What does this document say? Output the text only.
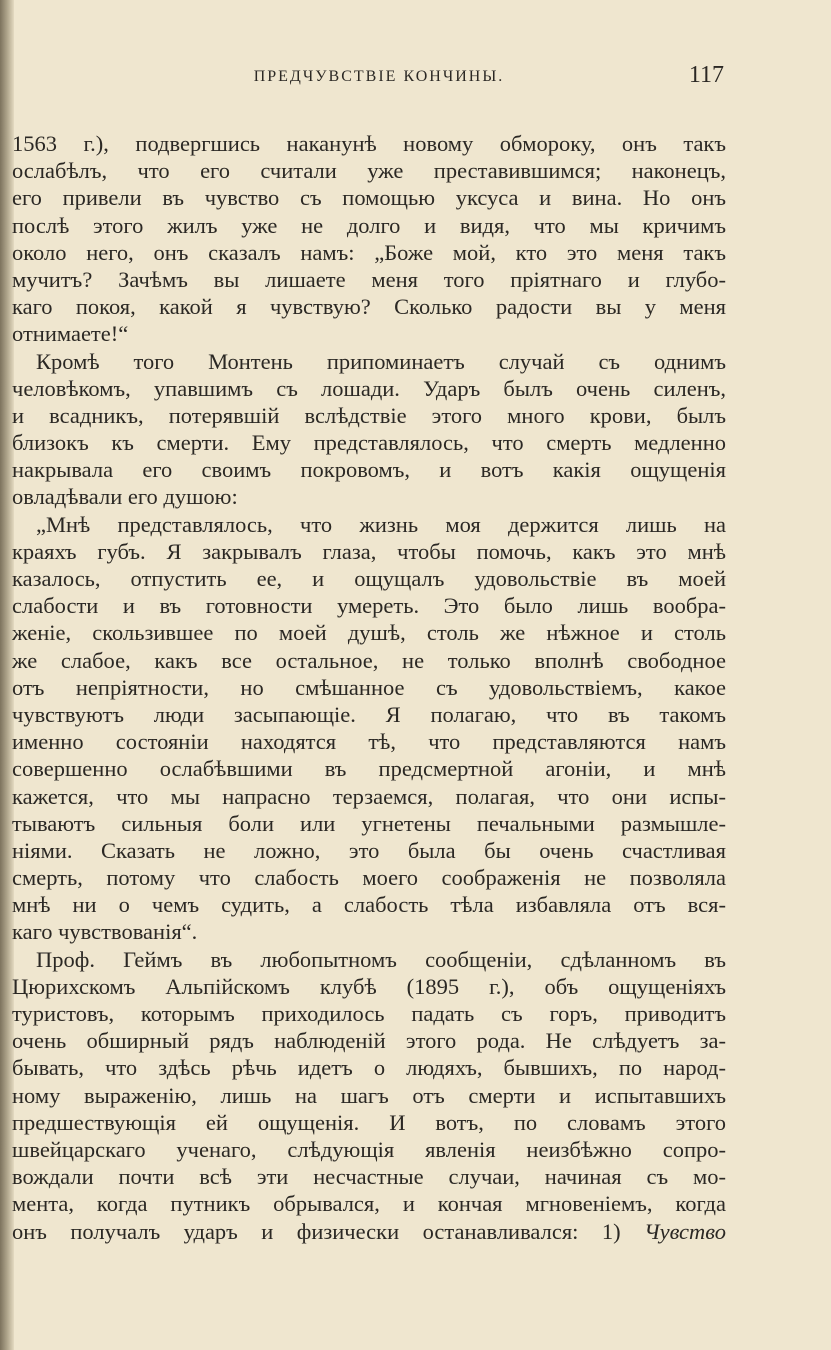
ПРЕДЧУВСТВІЕ КОНЧИНЫ.	117
1563 г.), подвергшись наканунѣ новому обмороку, онъ такъ
ослабѣлъ, что его считали уже преставившимся; наконецъ,
его привели въ чувство съ помощью уксуса и вина. Но онъ
послѣ этого жилъ уже не долго и видя, что мы кричимъ
около него, онъ сказалъ намъ: „Боже мой, кто это меня такъ
мучитъ? Зачѣмъ вы лишаете меня того пріятнаго и глубо-
каго покоя, какой я чувствую? Сколько радости вы у меня
отнимаете!“
Кромѣ того Монтень припоминаетъ случай съ однимъ
человѣкомъ, упавшимъ съ лошади. Ударъ былъ очень силенъ,
и всадникъ, потерявшій вслѣдствіе этого много крови, былъ
близокъ къ смерти. Ему представлялось, что смерть медленно
накрывала его своимъ покровомъ, и вотъ какія ощущенія
овладѣвали его душою:
„Мнѣ представлялось, что жизнь моя держится лишь на
краяхъ губъ. Я закрывалъ глаза, чтобы помочь, какъ это мнѣ
казалось, отпустить ее, и ощущалъ удовольствіе въ моей
слабости и въ готовности умереть. Это было лишь вообра-
женіе, скользившее по моей душѣ, столь же нѣжное и столь
же слабое, какъ все остальное, не только вполнѣ свободное
отъ непріятности, но смѣшанное съ удовольствіемъ, какое
чувствуютъ люди засыпающіе. Я полагаю, что въ такомъ
именно состояніи находятся тѣ, что представляются намъ
совершенно ослабѣвшими въ предсмертной агоніи, и мнѣ
кажется, что мы напрасно терзаемся, полагая, что они испы-
тываютъ сильныя боли или угнетены печальными размышле-
ніями. Сказать не ложно, это была бы очень счастливая
смерть, потому что слабость моего соображенія не позволяла
мнѣ ни о чемъ судить, а слабость тѣла избавляла отъ вся-
каго чувствованія“.
Проф. Геймъ въ любопытномъ сообщеніи, сдѣланномъ въ
Цюрихскомъ Альпійскомъ клубѣ (1895 г.), объ ощущеніяхъ
туристовъ, которымъ приходилось падать съ горъ, приводитъ
очень обширный рядъ наблюденій этого рода. Не слѣдуетъ за-
бывать, что здѣсь рѣчь идетъ о людяхъ, бывшихъ, по народ-
ному выраженію, лишь на шагъ отъ смерти и испытавшихъ
предшествующія ей ощущенія. И вотъ, по словамъ этого
швейцарскаго ученаго, слѣдующія явленія неизбѣжно сопро-
вождали почти всѣ эти несчастные случаи, начиная съ мо-
мента, когда путникъ обрывался, и кончая мгновеніемъ, когда
онъ получалъ ударъ и физически останавливался: 1) Чувство
